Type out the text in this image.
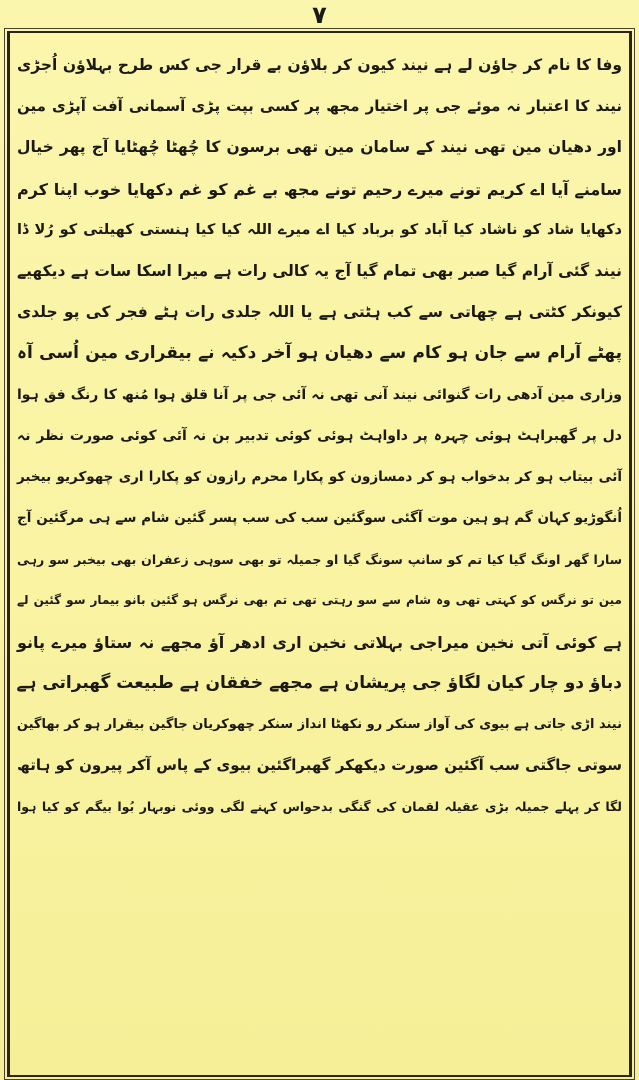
٧
وفا کا نام کر جاؤن لے ہے نیند کیون کر بلاؤن بے قرار جی کس طرح بہلاؤن اُجڑی
نیند کا اعتبار نہ موئے جی پر اختیار مجھ پر کسی بپت پڑی آسمانی آفت آپڑی مین
اور دھیان مین تھی نیند کے سامان مین تھی برسون کا چُھٹا چُھٹایا آج پھر خیال
سامنے آیا اے کریم تونے میرے رحیم تونے مجھ بے غم کو غم دکھایا خوب اپنا کرم
دکھایا شاد کو ناشاد کیا آباد کو برباد کیا اے میرے اللہ کیا کیا ہنستی کھیلتی کو رُلا ڈا
نیند گئی آرام گیا صبر بھی تمام گیا آج یہ کالی رات ہے میرا اسکا سات ہے دیکھیے
کیونکر کٹتی ہے چھاتی سے کب ہٹتی ہے یا اللہ جلدی رات ہٹے فجر کی پو جلدی
پھٹے آرام سے جان ہو کام سے دھیان ہو آخر دکیہ نے بیقراری مین اُسی آہ
وزاری مین آدھی رات گنوائی نیند آنی تھی نہ آئی جی پر آنا قلق ہوا مُنھ کا رنگ فق ہوا
دل پر گھبراہٹ ہوئی چہرہ پر داواہٹ ہوئی کوئی تدبیر بن نہ آئی کوئی صورت نظر نہ
آئی بیتاب ہو کر بدخواب ہو کر دمسازون کو پکارا محرم رازون کو پکارا اری چھوکریو بیخبر
اُنگوڑیو کہان گم ہو ہین موت آگئی سوگئین سب کی سب پسر گئین شام سے ہی مرگئین آج
سارا گھر اونگ گیا کیا تم کو سانپ سونگ گیا او جمیلہ تو بھی سوہی زعفران بھی بیخبر سو رہی
مین تو نرگس کو کہتی تھی وہ شام سے سو رہتی تھی تم بھی نرگس ہو گئین بانو بیمار سو گئین لے
ہے کوئی آتی نخین میراجی بہلاتی نخین اری ادھر آؤ مجھے نہ ستاؤ میرے پانو
دباؤ دو چار کیان لگاؤ جی پریشان ہے مجھے خفقان ہے طبیعت گھبراتی ہے
نیند اڑی جاتی ہے بیوی کی آواز سنکر رو نکھٹا انداز سنکر چھوکریان جاگین بیقرار ہو کر بھاگین
سوتی جاگتی سب آگئین صورت دیکھکر گھبراگئین بیوی کے پاس آکر پیرون کو ہاتھ
لگا کر پہلے جمیلہ بڑی عقیلہ لقمان کی گنگی بدحواس کہنے لگی ووئی نوبہار بُوا بیگم کو کیا ہوا
